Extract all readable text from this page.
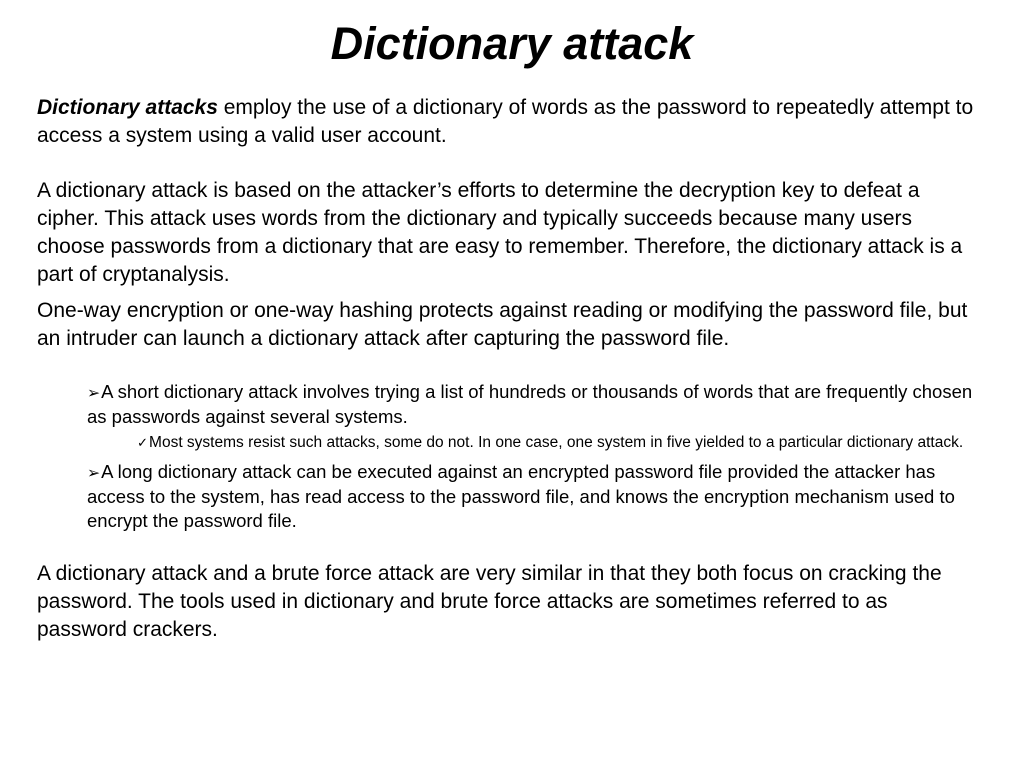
Dictionary attack

Dictionary attacks employ the use of a dictionary of words as the password to repeatedly attempt to access a system using a valid user account.

A dictionary attack is based on the attacker’s efforts to determine the decryption key to defeat a cipher. This attack uses words from the dictionary and typically succeeds because many users choose passwords from a dictionary that are easy to remember. Therefore, the dictionary attack is a part of cryptanalysis.

One-way encryption or one-way hashing protects against reading or modifying the password file, but an intruder can launch a dictionary attack after capturing the password file.

➢A short dictionary attack involves trying a list of hundreds or thousands of words that are frequently chosen as passwords against several systems.

✓Most systems resist such attacks, some do not. In one case, one system in five yielded to a particular dictionary attack.

➢A long dictionary attack can be executed against an encrypted password file provided the attacker has access to the system, has read access to the password file, and knows the encryption mechanism used to encrypt the password file.

A dictionary attack and a brute force attack are very similar in that they both focus on cracking the password. The tools used in dictionary and brute force attacks are sometimes referred to as password crackers.
